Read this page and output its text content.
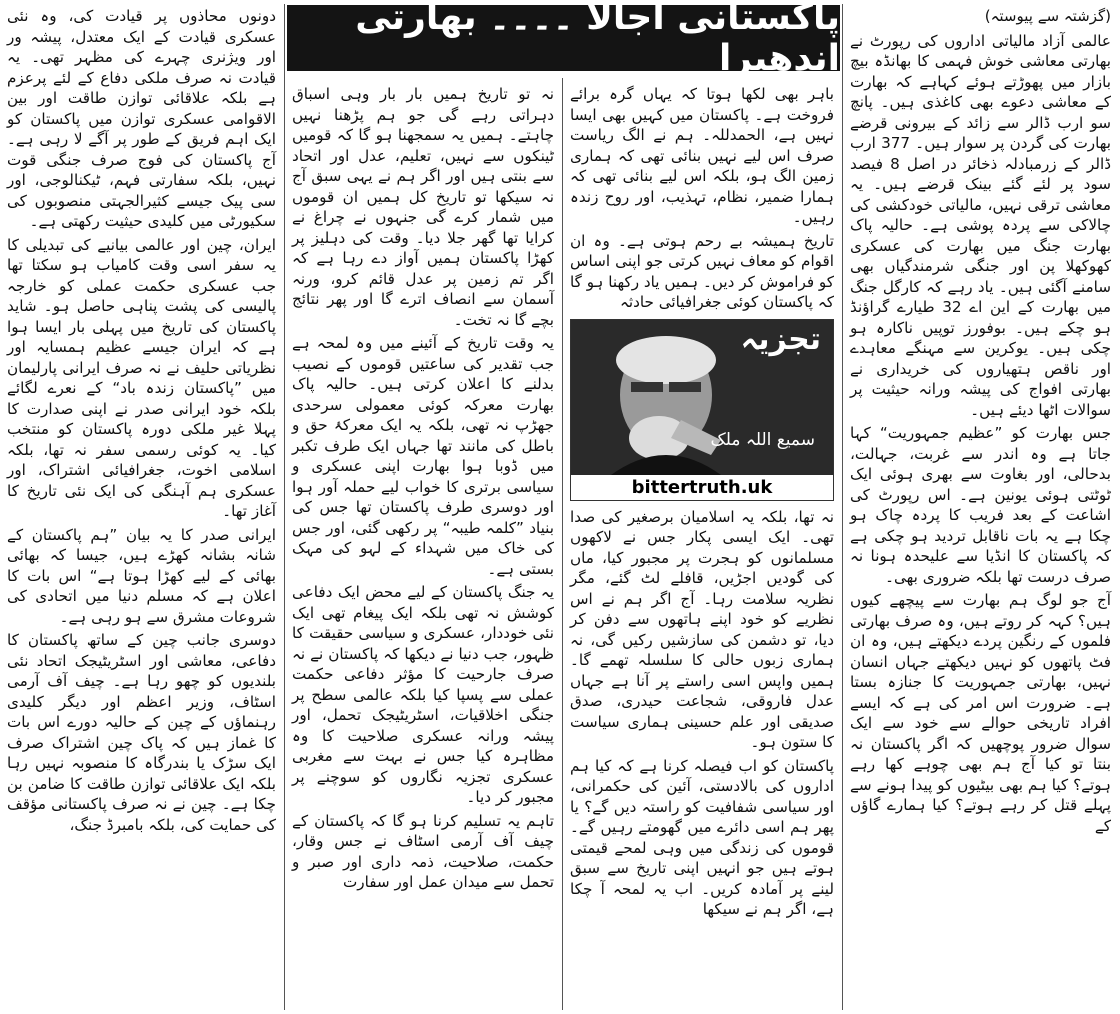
پاکستانی اجالا ۔۔۔۔ بھارتی اندھیرا
(گزشتہ سے پیوستہ)

عالمی آزاد مالیاتی اداروں کی رپورٹ نے بھارتی معاشی خوش فہمی کا بھانڈہ بیچ بازار میں پھوڑتے ہوئے کہاہے کہ بھارت کے معاشی دعوے بھی کاغذی ہیں۔ پانچ سو ارب ڈالر سے زائد کے بیرونی قرضے بھارت کی گردن پر سوار ہیں۔ 377 ارب ڈالر کے زرمبادلہ ذخائر در اصل 8 فیصد سود پر لئے گئے بینک قرضے ہیں۔ یہ معاشی ترقی نہیں، مالیاتی خودکشی کی چالاکی سے پردہ پوشی ہے۔ حالیہ پاک بھارت جنگ میں بھارت کی عسکری کھوکھلا پن اور جنگی شرمندگیاں بھی سامنے آگئی ہیں۔ یاد رہے کہ کارگل جنگ میں بھارت کے این اے 32 طیارے گراؤنڈ ہو چکے ہیں۔ بوفورز توپیں ناکارہ ہو چکی ہیں۔ یوکرین سے مہنگے معاہدے اور ناقص ہتھیاروں کی خریداری نے بھارتی افواج کی پیشہ ورانہ حیثیت پر سوالات اٹھا دیئے ہیں۔

جس بھارت کو ”عظیم جمہوریت“ کہا جاتا ہے وہ اندر سے غربت، جہالت، بدحالی، اور بغاوت سے بھری ہوئی ایک ٹوٹتی ہوئی یونین ہے۔ اس رپورٹ کی اشاعت کے بعد فریب کا پردہ چاک ہو چکا ہے یہ بات ناقابل تردید ہو چکی ہے کہ پاکستان کا انڈیا سے علیحدہ ہونا نہ صرف درست تھا بلکہ ضروری بھی۔

آج جو لوگ ہم بھارت سے پیچھے کیوں ہیں؟ کہہ کر روتے ہیں، وہ صرف بھارتی فلموں کے رنگین پردے دیکھتے ہیں، وہ ان فٹ پاتھوں کو نہیں دیکھتے جہاں انسان نہیں، بھارتی جمہوریت کا جنازہ بستا ہے۔ ضرورت اس امر کی ہے کہ ایسے افراد تاریخی حوالے سے خود سے ایک سوال ضرور پوچھیں کہ اگر پاکستان نہ بنتا تو کیا آج ہم بھی چوہے کھا رہے ہوتے؟ کیا ہم بھی بیٹیوں کو پیدا ہونے سے پہلے قتل کر رہے ہوتے؟ کیا ہمارے گاؤں کے

باہر بھی لکھا ہوتا کہ یہاں گرہ برائے فروخت ہے۔ پاکستان میں کہیں بھی ایسا نہیں ہے، الحمدللہ۔ ہم نے الگ ریاست صرف اس لیے نہیں بنائی تھی کہ ہماری زمین الگ ہو، بلکہ اس لیے بنائی تھی کہ ہمارا ضمیر، نظام، تہذیب، اور روح زندہ رہیں۔

تاریخ ہمیشہ بے رحم ہوتی ہے۔ وہ ان اقوام کو معاف نہیں کرتی جو اپنی اساس کو فراموش کر دیں۔ ہمیں یاد رکھنا ہو گا کہ پاکستان کوئی جغرافیائی حادثہ

تجزیہ
سمیع اللہ ملک
bittertruth.uk

نہ تھا، بلکہ یہ اسلامیان برصغیر کی صدا تھی۔ ایک ایسی پکار جس نے لاکھوں مسلمانوں کو ہجرت پر مجبور کیا، ماں کی گودیں اجڑیں، قافلے لٹ گئے، مگر نظریہ سلامت رہا۔ آج اگر ہم نے اس نظریے کو خود اپنے ہاتھوں سے دفن کر دیا، تو دشمن کی سازشیں رکیں گی، نہ ہماری زبوں حالی کا سلسلہ تھمے گا۔ ہمیں واپس اسی راستے پر آنا ہے جہاں عدل فاروقی، شجاعت حیدری، صدق صدیقی اور علم حسینی ہماری سیاست کا ستون ہو۔

پاکستان کو اب فیصلہ کرنا ہے کہ کیا ہم اداروں کی بالادستی، آئین کی حکمرانی، اور سیاسی شفافیت کو راستہ دیں گے؟ یا پھر ہم اسی دائرے میں گھومتے رہیں گے۔ قوموں کی زندگی میں وہی لمحے قیمتی ہوتے ہیں جو انہیں اپنی تاریخ سے سبق لینے پر آمادہ کریں۔ اب یہ لمحہ آ چکا ہے، اگر ہم نے سیکھا

نہ تو تاریخ ہمیں بار بار وہی اسباق دہراتی رہے گی جو ہم پڑھنا نہیں چاہتے۔ ہمیں یہ سمجھنا ہو گا کہ قومیں ٹینکوں سے نہیں، تعلیم، عدل اور اتحاد سے بنتی ہیں اور اگر ہم نے یہی سبق آج نہ سیکھا تو تاریخ کل ہمیں ان قوموں میں شمار کرے گی جنہوں نے چراغ نے کرایا تھا گھر جلا دیا۔ وقت کی دہلیز پر کھڑا پاکستان ہمیں آواز دے رہا ہے کہ اگر تم زمین پر عدل قائم کرو، ورنہ آسمان سے انصاف اترے گا اور پھر نتائج بچے گا نہ تخت۔

یہ وقت تاریخ کے آئینے میں وہ لمحہ ہے جب تقدیر کی ساعتیں قوموں کے نصیب بدلنے کا اعلان کرتی ہیں۔ حالیہ پاک بھارت معرکہ کوئی معمولی سرحدی جھڑپ نہ تھی، بلکہ یہ ایک معرکۂ حق و باطل کی مانند تھا جہاں ایک طرف تکبر میں ڈوبا ہوا بھارت اپنی عسکری و سیاسی برتری کا خواب لیے حملہ آور ہوا اور دوسری طرف پاکستان تھا جس کی بنیاد ”کلمہ طیبہ“ پر رکھی گئی، اور جس کی خاک میں شہداء کے لہو کی مہک بستی ہے۔

یہ جنگ پاکستان کے لیے محض ایک دفاعی کوشش نہ تھی بلکہ ایک پیغام تھی ایک نئی خوددار، عسکری و سیاسی حقیقت کا ظہور، جب دنیا نے دیکھا کہ پاکستان نے نہ صرف جارحیت کا مؤثر دفاعی حکمت عملی سے پسپا کیا بلکہ عالمی سطح پر جنگی اخلاقیات، اسٹریٹیجک تحمل، اور پیشہ ورانہ عسکری صلاحیت کا وہ مظاہرہ کیا جس نے بہت سے مغربی عسکری تجزیہ نگاروں کو سوچنے پر مجبور کر دیا۔

تاہم یہ تسلیم کرنا ہو گا کہ پاکستان کے چیف آف آرمی اسٹاف نے جس وقار، حکمت، صلاحیت، ذمہ داری اور صبر و تحمل سے میدان عمل اور سفارت

دونوں محاذوں پر قیادت کی، وہ نئی عسکری قیادت کے ایک معتدل، پیشہ ور اور ویژنری چہرے کی مظہر تھی۔ یہ قیادت نہ صرف ملکی دفاع کے لئے پرعزم ہے بلکہ علاقائی توازن طاقت اور بین الاقوامی عسکری توازن میں پاکستان کو ایک اہم فریق کے طور پر آگے لا رہی ہے۔ آج پاکستان کی فوج صرف جنگی قوت نہیں، بلکہ سفارتی فہم، ٹیکنالوجی، اور سی پیک جیسے کثیرالجہتی منصوبوں کی سکیورٹی میں کلیدی حیثیت رکھتی ہے۔

ایران، چین اور عالمی بیانیے کی تبدیلی کا یہ سفر اسی وقت کامیاب ہو سکتا تھا جب عسکری حکمت عملی کو خارجہ پالیسی کی پشت پناہی حاصل ہو۔ شاید پاکستان کی تاریخ میں پہلی بار ایسا ہوا ہے کہ ایران جیسے عظیم ہمسایہ اور نظریاتی حلیف نے نہ صرف ایرانی پارلیمان میں ”پاکستان زندہ باد“ کے نعرے لگائے بلکہ خود ایرانی صدر نے اپنی صدارت کا پہلا غیر ملکی دورہ پاکستان کو منتخب کیا۔ یہ کوئی رسمی سفر نہ تھا، بلکہ اسلامی اخوت، جغرافیائی اشتراک، اور عسکری ہم آہنگی کی ایک نئی تاریخ کا آغاز تھا۔

ایرانی صدر کا یہ بیان ”ہم پاکستان کے شانہ بشانہ کھڑے ہیں، جیسا کہ بھائی بھائی کے لیے کھڑا ہوتا ہے“ اس بات کا اعلان ہے کہ مسلم دنیا میں اتحادی کی شروعات مشرق سے ہو رہی ہے۔

دوسری جانب چین کے ساتھ پاکستان کا دفاعی، معاشی اور اسٹریٹیجک اتحاد نئی بلندیوں کو چھو رہا ہے۔ چیف آف آرمی اسٹاف، وزیر اعظم اور دیگر کلیدی رہنماؤں کے چین کے حالیہ دورے اس بات کا غماز ہیں کہ پاک چین اشتراک صرف ایک سڑک یا بندرگاہ کا منصوبہ نہیں رہا بلکہ ایک علاقائی توازن طاقت کا ضامن بن چکا ہے۔ چین نے نہ صرف پاکستانی مؤقف کی حمایت کی، بلکہ بامبرڈ جنگ،
